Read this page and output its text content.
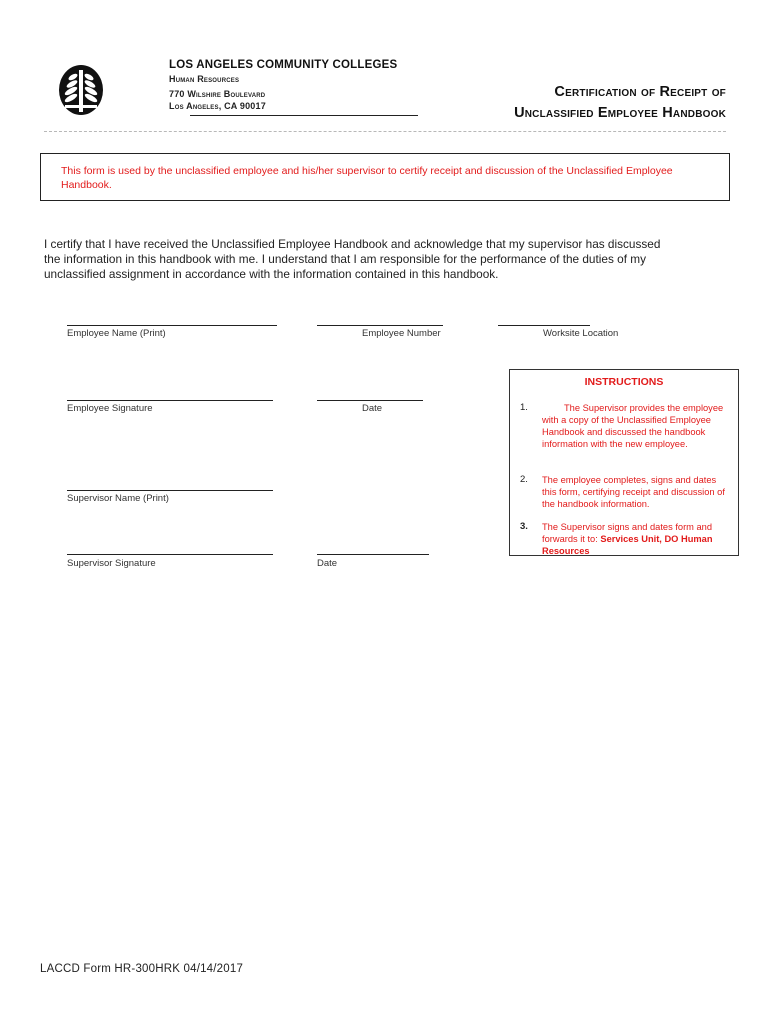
LOS ANGELES COMMUNITY COLLEGES
Human Resources
770 Wilshire Boulevard
Los Angeles, CA 90017
Certification of Receipt of
Unclassified Employee Handbook
This form is used by the unclassified employee and his/her supervisor to certify receipt and discussion of the Unclassified Employee Handbook.
I certify that I have received the Unclassified Employee Handbook and acknowledge that my supervisor has discussed the information in this handbook with me. I understand that I am responsible for the performance of the duties of my unclassified assignment in accordance with the information contained in this handbook.
Employee Name (Print)	Employee Number	Worksite Location
Employee Signature	Date
Supervisor Name (Print)
Supervisor Signature	Date
INSTRUCTIONS
1.	The Supervisor provides the employee with a copy of the Unclassified Employee Handbook and discussed the handbook information with the new employee.
2. The employee completes, signs and dates this form, certifying receipt and discussion of the handbook information.
3. The Supervisor signs and dates form and forwards it to: Services Unit, DO Human Resources
LACCD Form HR-300HRK 04/14/2017
